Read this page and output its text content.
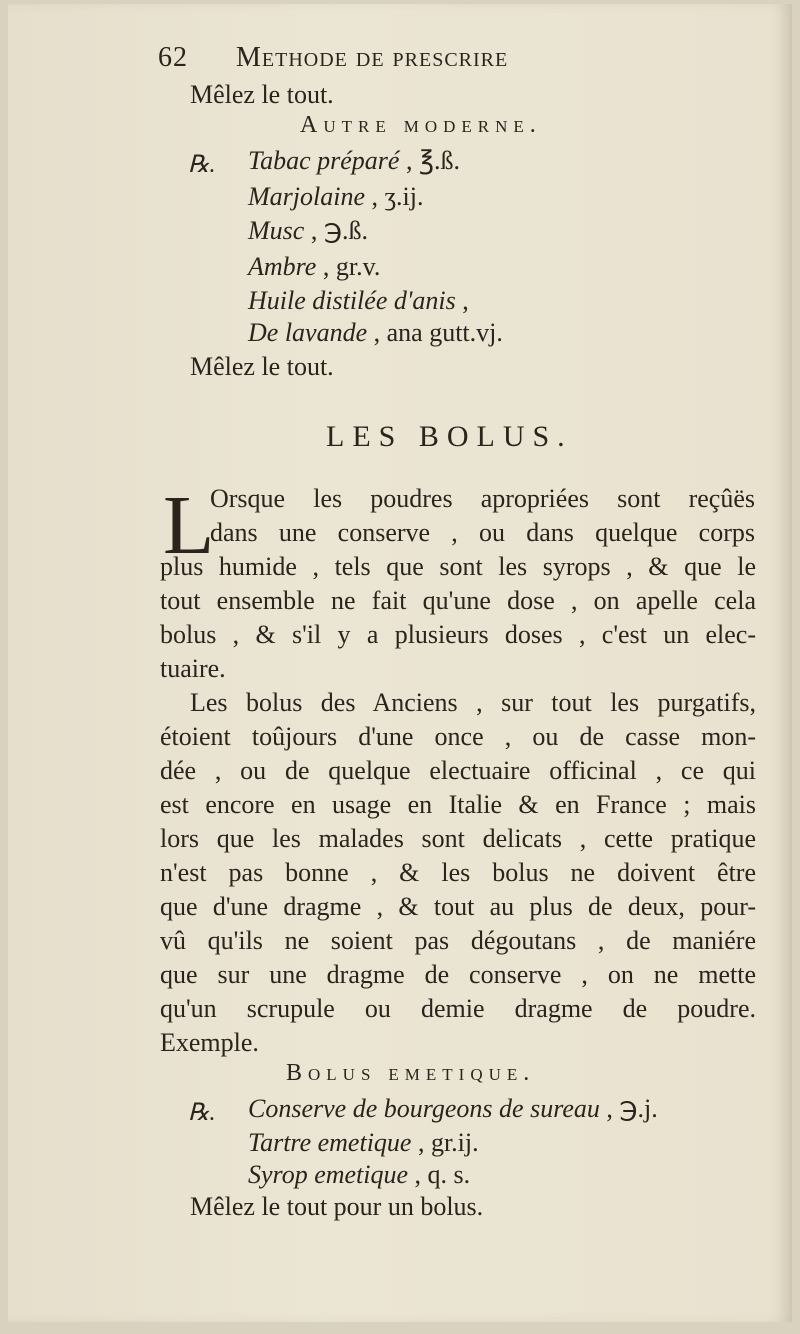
62 Methode de prescrire
Mêlez le tout.
Autre moderne.
℞. Tabac préparé , ℥.ß.
Marjolaine , ʒ.ij.
Musc , ℈.ß.
Ambre , gr.v.
Huile distilée d'anis ,
De lavande , ana gutt.vj.
Mêlez le tout.
LES BOLUS.
L
Orsque les poudres apropriées sont reçûës
dans une conserve , ou dans quelque corps
plus humide , tels que sont les syrops , & que le
tout ensemble ne fait qu'une dose , on apelle cela
bolus , & s'il y a plusieurs doses , c'est un elec-
tuaire.
Les bolus des Anciens , sur tout les purgatifs,
étoient toûjours d'une once , ou de casse mon-
dée , ou de quelque electuaire officinal , ce qui
est encore en usage en Italie & en France ; mais
lors que les malades sont delicats , cette pratique
n'est pas bonne , & les bolus ne doivent être
que d'une dragme , & tout au plus de deux, pour-
vû qu'ils ne soient pas dégoutans , de maniére
que sur une dragme de conserve , on ne mette
qu'un scrupule ou demie dragme de poudre.
Exemple.
Bolus emetique.
℞. Conserve de bourgeons de sureau , ℈.j.
Tartre emetique , gr.ij.
Syrop emetique , q. s.
Mêlez le tout pour un bolus.
